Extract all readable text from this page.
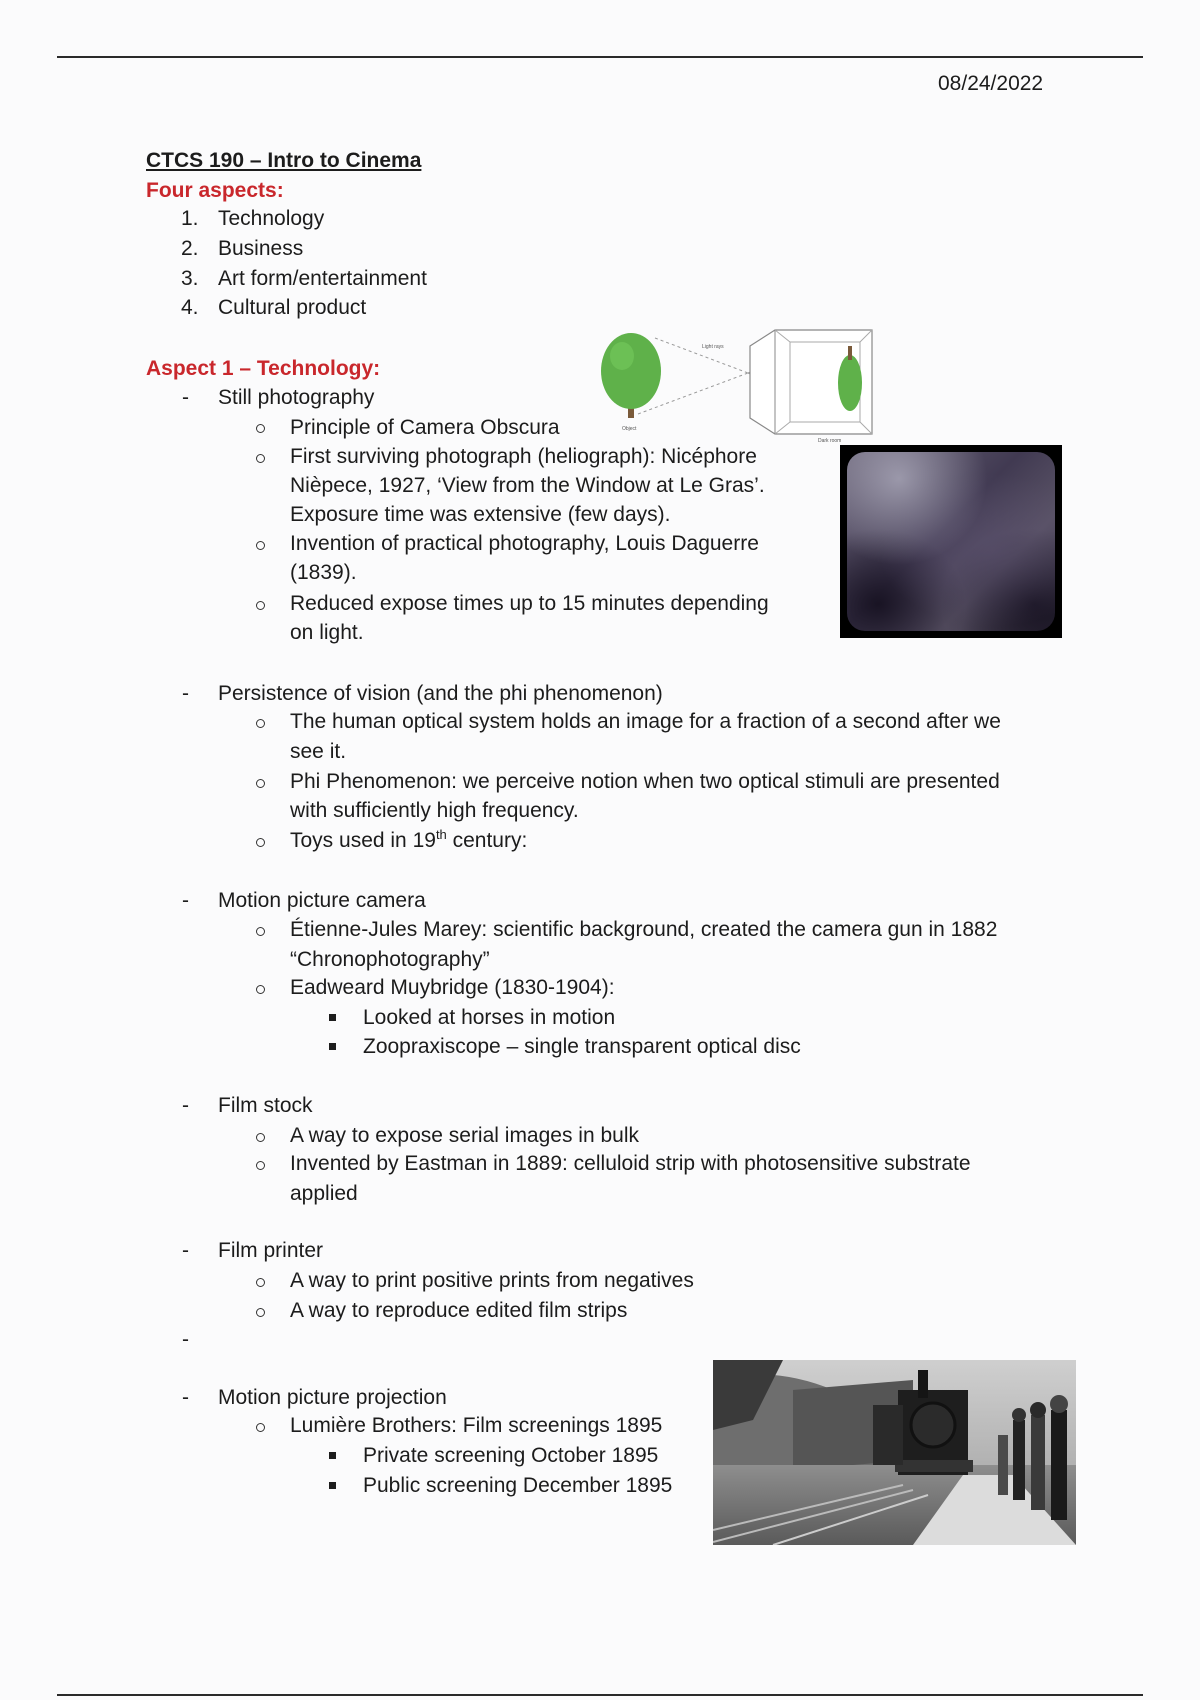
08/24/2022
CTCS 190 – Intro to Cinema
Four aspects:
1. Technology
2. Business
3. Art form/entertainment
4. Cultural product
Aspect 1 – Technology:
- Still photography
Principle of Camera Obscura
First surviving photograph (heliograph): Nicéphore
Nièpece, 1927, ‘View from the Window at Le Gras’.
Exposure time was extensive (few days).
Invention of practical photography, Louis Daguerre
(1839).
Reduced expose times up to 15 minutes depending
on light.
Light rays
Object
Dark room
- Persistence of vision (and the phi phenomenon)
The human optical system holds an image for a fraction of a second after we
see it.
Phi Phenomenon: we perceive notion when two optical stimuli are presented
with sufficiently high frequency.
Toys used in 19th century:
- Motion picture camera
Étienne-Jules Marey: scientific background, created the camera gun in 1882
“Chronophotography”
Eadweard Muybridge (1830-1904):
Looked at horses in motion
Zoopraxiscope – single transparent optical disc
- Film stock
A way to expose serial images in bulk
Invented by Eastman in 1889: celluloid strip with photosensitive substrate
applied
- Film printer
A way to print positive prints from negatives
A way to reproduce edited film strips
-
- Motion picture projection
Lumière Brothers: Film screenings 1895
Private screening October 1895
Public screening December 1895
